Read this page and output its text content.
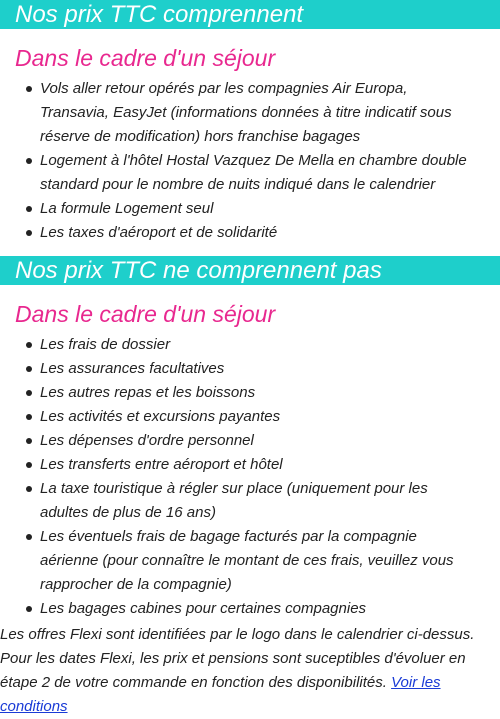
Nos prix TTC comprennent
Dans le cadre d'un séjour
Vols aller retour opérés par les compagnies Air Europa, Transavia, EasyJet (informations données à titre indicatif sous réserve de modification) hors franchise bagages
Logement à l'hôtel Hostal Vazquez De Mella en chambre double standard pour le nombre de nuits indiqué dans le calendrier
La formule Logement seul
Les taxes d'aéroport et de solidarité
Nos prix TTC ne comprennent pas
Dans le cadre d'un séjour
Les frais de dossier
Les assurances facultatives
Les autres repas et les boissons
Les activités et excursions payantes
Les dépenses d'ordre personnel
Les transferts entre aéroport et hôtel
La taxe touristique à régler sur place (uniquement pour les adultes de plus de 16 ans)
Les éventuels frais de bagage facturés par la compagnie aérienne (pour connaître le montant de ces frais, veuillez vous rapprocher de la compagnie)
Les bagages cabines pour certaines compagnies

Les offres Flexi sont identifiées par le logo dans le calendrier ci-dessus. Pour les dates Flexi, les prix et pensions sont suceptibles d'évoluer en étape 2 de votre commande en fonction des disponibilités. Voir les conditions
